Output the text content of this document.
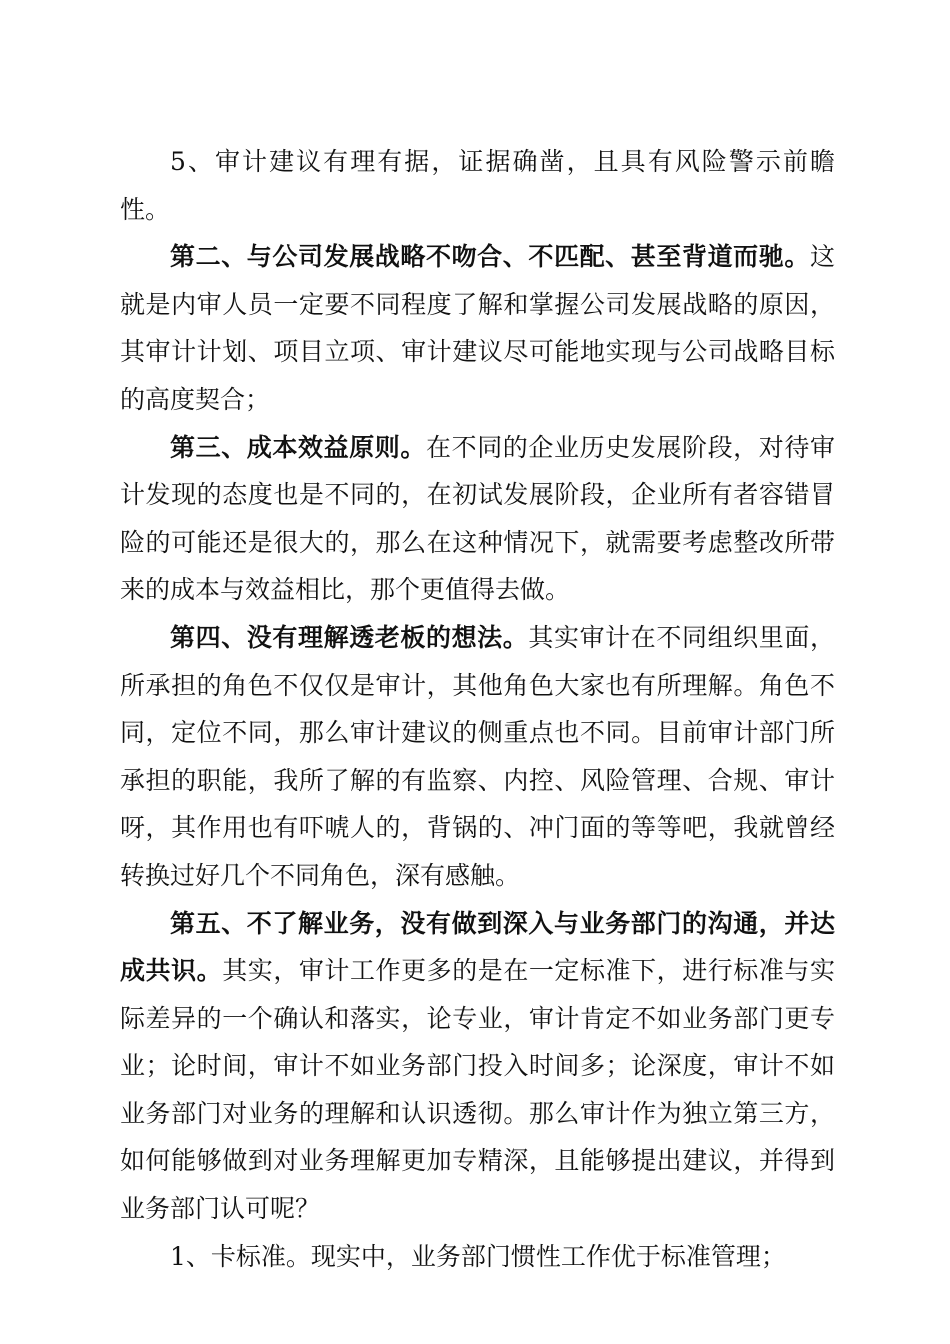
5、审计建议有理有据，证据确凿，且具有风险警示前瞻性。

第二、与公司发展战略不吻合、不匹配、甚至背道而驰。这就是内审人员一定要不同程度了解和掌握公司发展战略的原因，其审计计划、项目立项、审计建议尽可能地实现与公司战略目标的高度契合；

第三、成本效益原则。在不同的企业历史发展阶段，对待审计发现的态度也是不同的，在初试发展阶段，企业所有者容错冒险的可能还是很大的，那么在这种情况下，就需要考虑整改所带来的成本与效益相比，那个更值得去做。

第四、没有理解透老板的想法。其实审计在不同组织里面，所承担的角色不仅仅是审计，其他角色大家也有所理解。角色不同，定位不同，那么审计建议的侧重点也不同。目前审计部门所承担的职能，我所了解的有监察、内控、风险管理、合规、审计呀，其作用也有吓唬人的，背锅的、冲门面的等等吧，我就曾经转换过好几个不同角色，深有感触。

第五、不了解业务，没有做到深入与业务部门的沟通，并达成共识。其实，审计工作更多的是在一定标准下，进行标准与实际差异的一个确认和落实，论专业，审计肯定不如业务部门更专业；论时间，审计不如业务部门投入时间多；论深度，审计不如业务部门对业务的理解和认识透彻。那么审计作为独立第三方，如何能够做到对业务理解更加专精深，且能够提出建议，并得到业务部门认可呢？

1、卡标准。现实中，业务部门惯性工作优于标准管理；
